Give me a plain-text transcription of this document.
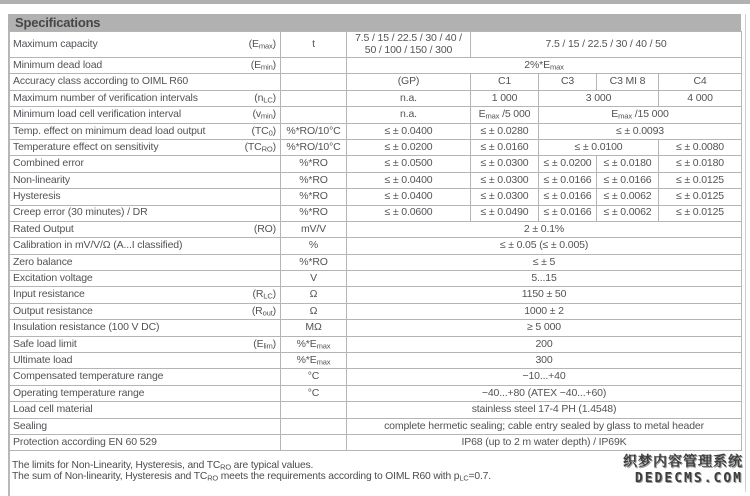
Specifications
Maximum capacity $(E_{max})$	t	7.5 / 15 / 22.5 / 30 / 40 / 50 / 100 / 150 / 300	7.5 / 15 / 22.5 / 30 / 40 / 50			

Minimum dead load $(E_{min})$		$2\%*E_{max}$

Accuracy class according to OIML R60		(GP)	C1	C3	C3 MI 8	C4

Maximum number of verification intervals $(n_{LC})$		n.a.	1 000	3 000		4 000

Minimum load cell verification interval $(v_{min})$		n.a.	$E_{max}$ /5 000	$E_{max}$ /15 000		

Temp. effect on minimum dead load output $(TC_0)$	%*RO/10°C	≤ ± 0.0400	≤ ± 0.0280	≤ ± 0.0093		

Temperature effect on sensitivity $(TC_{RO})$	%*RO/10°C	≤ ± 0.0200	≤ ± 0.0160	≤ ± 0.0100		≤ ± 0.0080

Combined error	%*RO	≤ ± 0.0500	≤ ± 0.0300	≤ ± 0.0200	≤ ± 0.0180	≤ ± 0.0180

Non-linearity	%*RO	≤ ± 0.0400	≤ ± 0.0300	≤ ± 0.0166	≤ ± 0.0166	≤ ± 0.0125

Hysteresis	%*RO	≤ ± 0.0400	≤ ± 0.0300	≤ ± 0.0166	≤ ± 0.0062	≤ ± 0.0125

Creep error (30 minutes) / DR	%*RO	≤ ± 0.0600	≤ ± 0.0490	≤ ± 0.0166	≤ ± 0.0062	≤ ± 0.0125

Rated Output (RO)	mV/V	2 ± 0.1%				

Calibration in mV/V/Ω (A...I classified)	%	≤ ± 0.05 (≤ ± 0.005)				

Zero balance	%*RO	≤ ± 5				

Excitation voltage	V	5...15				

Input resistance $(R_{LC})$	Ω	1150 ± 50				

Output resistance $(R_{out})$	Ω	1000 ± 2				

Insulation resistance (100 V DC)	MΩ	≥ 5 000				

Safe load limit $(E_{lim})$	$\%*E_{max}$	200				

Ultimate load	$\%*E_{max}$	300				

Compensated temperature range	°C	−10...+40				

Operating temperature range	°C	−40...+80 (ATEX −40...+60)				

Load cell material		stainless steel 17-4 PH (1.4548)				

Sealing		complete hermetic sealing; cable entry sealed by glass to metal header				

Protection according EN 60 529		IP68 (up to 2 m water depth) / IP69K				
The limits for Non-Linearity, Hysteresis, and $TC_{RO}$ are typical values.
The sum of Non-linearity, Hysteresis and $TC_{RO}$ meets the requirements according to OIML R60 with $p_{LC}=0.7$.
织梦内容管理系统
DEDECMS.COM
